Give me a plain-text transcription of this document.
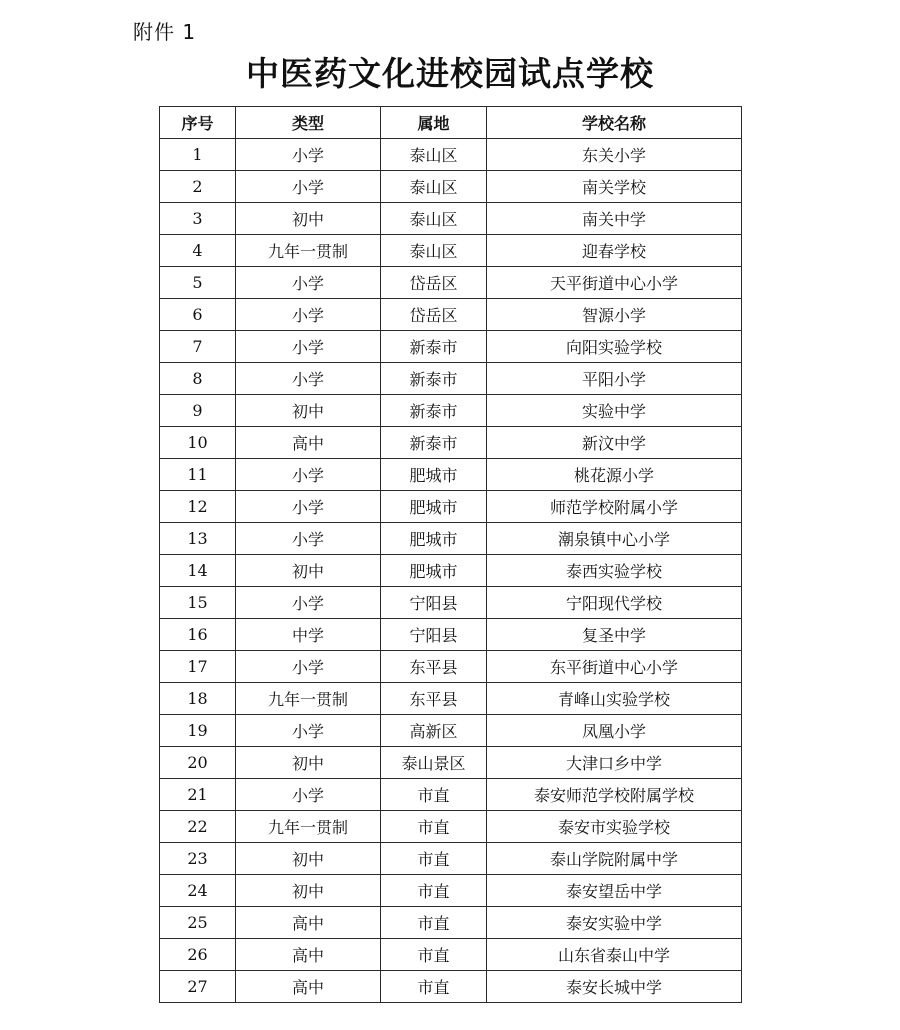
附件 1
中医药文化进校园试点学校
序号	类型	属地	学校名称
1	小学	泰山区	东关小学
2	小学	泰山区	南关学校
3	初中	泰山区	南关中学
4	九年一贯制	泰山区	迎春学校
5	小学	岱岳区	天平街道中心小学
6	小学	岱岳区	智源小学
7	小学	新泰市	向阳实验学校
8	小学	新泰市	平阳小学
9	初中	新泰市	实验中学
10	高中	新泰市	新汶中学
11	小学	肥城市	桃花源小学
12	小学	肥城市	师范学校附属小学
13	小学	肥城市	潮泉镇中心小学
14	初中	肥城市	泰西实验学校
15	小学	宁阳县	宁阳现代学校
16	中学	宁阳县	复圣中学
17	小学	东平县	东平街道中心小学
18	九年一贯制	东平县	青峰山实验学校
19	小学	高新区	凤凰小学
20	初中	泰山景区	大津口乡中学
21	小学	市直	泰安师范学校附属学校
22	九年一贯制	市直	泰安市实验学校
23	初中	市直	泰山学院附属中学
24	初中	市直	泰安望岳中学
25	高中	市直	泰安实验中学
26	高中	市直	山东省泰山中学
27	高中	市直	泰安长城中学
